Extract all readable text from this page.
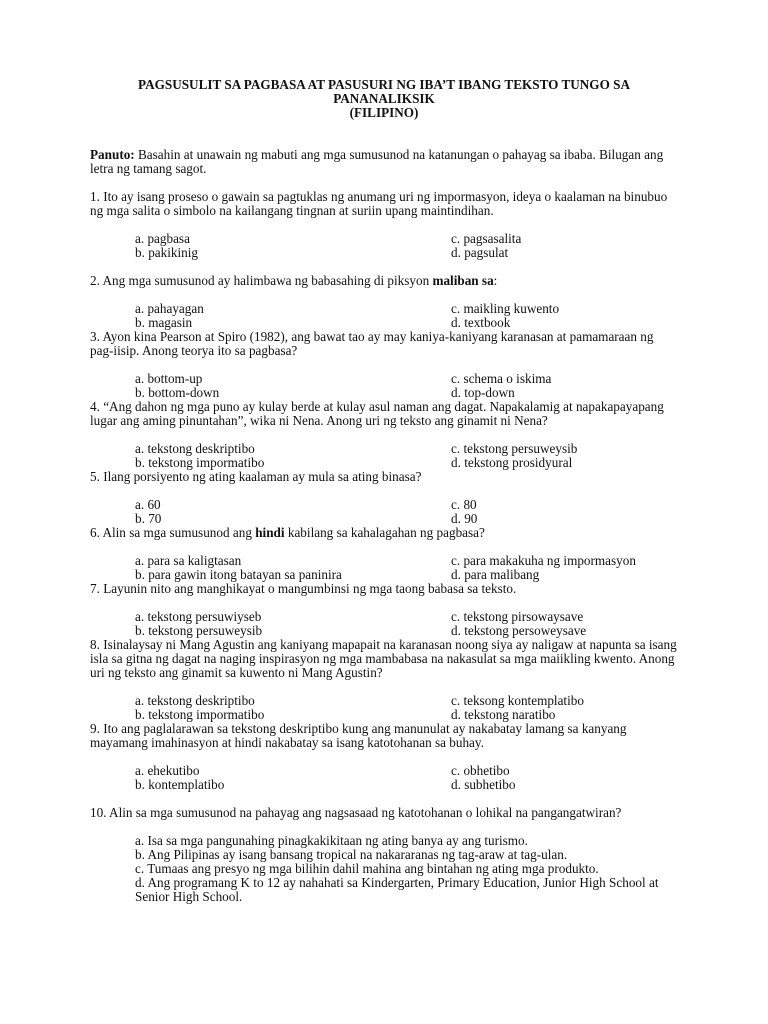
PAGSUSULIT SA PAGBASA AT PASUSURI NG IBA’T IBANG TEKSTO TUNGO SA
PANANALIKSIK
(FILIPINO)

Panuto: Basahin at unawain ng mabuti ang mga sumusunod na katanungan o pahayag sa ibaba. Bilugan ang letra ng tamang sagot.

1. Ito ay isang proseso o gawain sa pagtuklas ng anumang uri ng impormasyon, ideya o kaalaman na binubuo ng mga salita o simbolo na kailangang tingnan at suriin upang maintindihan.

a. pagbasa	c. pagsasalita
b. pakikinig	d. pagsulat

2. Ang mga sumusunod ay halimbawa ng babasahing di piksyon maliban sa:

a. pahayagan	c. maikling kuwento
b. magasin	d. textbook

3. Ayon kina Pearson at Spiro (1982), ang bawat tao ay may kaniya-kaniyang karanasan at pamamaraan ng pag-iisip. Anong teorya ito sa pagbasa?

a. bottom-up	c. schema o iskima
b. bottom-down	d. top-down

4. “Ang dahon ng mga puno ay kulay berde at kulay asul naman ang dagat. Napakalamig at napakapayapang lugar ang aming pinuntahan”, wika ni Nena. Anong uri ng teksto ang ginamit ni Nena?

a. tekstong deskriptibo	c. tekstong persuweysib
b. tekstong impormatibo	d. tekstong prosidyural

5. Ilang porsiyento ng ating kaalaman ay mula sa ating binasa?

a. 60	c. 80
b. 70	d. 90

6. Alin sa mga sumusunod ang hindi kabilang sa kahalagahan ng pagbasa?

a. para sa kaligtasan	c. para makakuha ng impormasyon
b. para gawin itong batayan sa paninira	d. para malibang

7. Layunin nito ang manghikayat o mangumbinsi ng mga taong babasa sa teksto.

a. tekstong persuwiyseb	c. tekstong pirsowaysave
b. tekstong persuweysib	d. tekstong persoweysave

8. Isinalaysay ni Mang Agustin ang kaniyang mapapait na karanasan noong siya ay naligaw at napunta sa isang isla sa gitna ng dagat na naging inspirasyon ng mga mambabasa na nakasulat sa mga maiikling kwento. Anong uri ng teksto ang ginamit sa kuwento ni Mang Agustin?

a. tekstong deskriptibo	c. teksong kontemplatibo
b. tekstong impormatibo	d. tekstong naratibo

9. Ito ang paglalarawan sa tekstong deskriptibo kung ang manunulat ay nakabatay lamang sa kanyang mayamang imahinasyon at hindi nakabatay sa isang katotohanan sa buhay.

a. ehekutibo	c. obhetibo
b. kontemplatibo	d. subhetibo

10. Alin sa mga sumusunod na pahayag ang nagsasaad ng katotohanan o lohikal na pangangatwiran?

a. Isa sa mga pangunahing pinagkakikitaan ng ating banya ay ang turismo.
b. Ang Pilipinas ay isang bansang tropical na nakararanas ng tag-araw at tag-ulan.
c. Tumaas ang presyo ng mga bilihin dahil mahina ang bintahan ng ating mga produkto.
d. Ang programang K to 12 ay nahahati sa Kindergarten, Primary Education, Junior High School at Senior High School.
